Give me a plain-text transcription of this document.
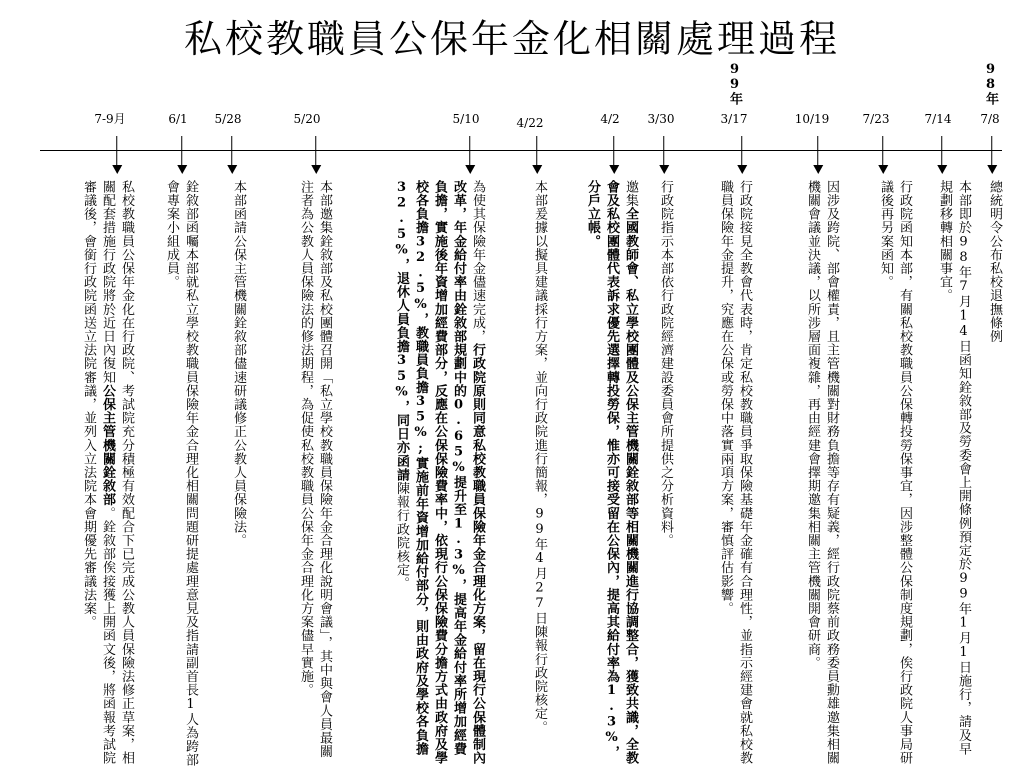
私校教職員公保年金化相關處理過程
99年	98年
7-9月	6/1 5/28	5/20	5/10	4/22	4/2 3/30	3/17	10/19	7/23	7/14 7/8
總統明令公布私校退撫條例
本部即於98年7月14日函知銓敘部及勞委會上開條例預定於99年1月1日施行，請及早規劃移轉相關事宜。
行政院函知本部，有關私校教職員公保轉投勞保事宜，因涉整體公保制度規劃，俟行政院人事局研議後再另案函知。
因涉及跨院、部會權責，且主管機關對財務負擔等存有疑義，經行政院蔡前政務委員勳雄邀集相關機關會議並決議，以所涉層面複雜，再由經建會擇期邀集相關主管機關開會研商。
行政院接見全教會代表時，肯定私校教職員爭取保險基礎年金確有合理性，並指示經建會就私校教職員保險年金提升，究應在公保或勞保中落實兩項方案，審慎評估影響。
行政院指示本部依行政院經濟建設委員會所提供之分析資料。
邀集全國教師會、私立學校團體及公保主管機關銓敘部等相關機關進行協調整合，獲致共識，全教會及私校團體代表訴求優先選擇轉投勞保，惟亦可接受留在公保內，提高其給付率為1.3%，分戶立帳。
本部爰據以擬具建議採行方案，並向行政院進行簡報，99年4月27日陳報行政院核定。
為使其保險年金儘速完成，行政院原則同意私校教職員保險年金合理化方案，留在現行公保體制內改革，年金給付率由銓敘部規劃中的0.65%提升至1.3%，提高年金給付率所增加經費負擔，實施後年資增加經費部分，反應在公保保險費率中，依現行公保保險費分擔方式由政府及學校各負擔32.5%，教職員負擔35%;實施前年資增加給付部分，則由政府及學校各負擔32.5%，退休人員負擔35%，同日亦函請陳報行政院核定。
本部邀集銓敘部及私校團體召開「私立學校教職員保險年金合理化說明會議」，其中與會人員最關注者為公教人員保險法的修法期程，為促使私校教職員公保年金合理化方案儘早實施。
本部函請公保主管機關銓敘部儘速研議修正公教人員保險法。
銓敘部函囑本部就私立學校教職員保險年金合理化相關問題研提處理意見及指請副首長1人為跨部會專案小組成員。
私校教職員公保年金化在行政院、考試院充分積極有效配合下已完成公教人員保險法修正草案，相關配套措施行政院將於近日內復知公保主管機關銓敘部。銓敘部俟接獲上開函文後，將函報考試院審議後，會銜行政院函送立法院審議，並列入立法院本會期優先審議法案。
